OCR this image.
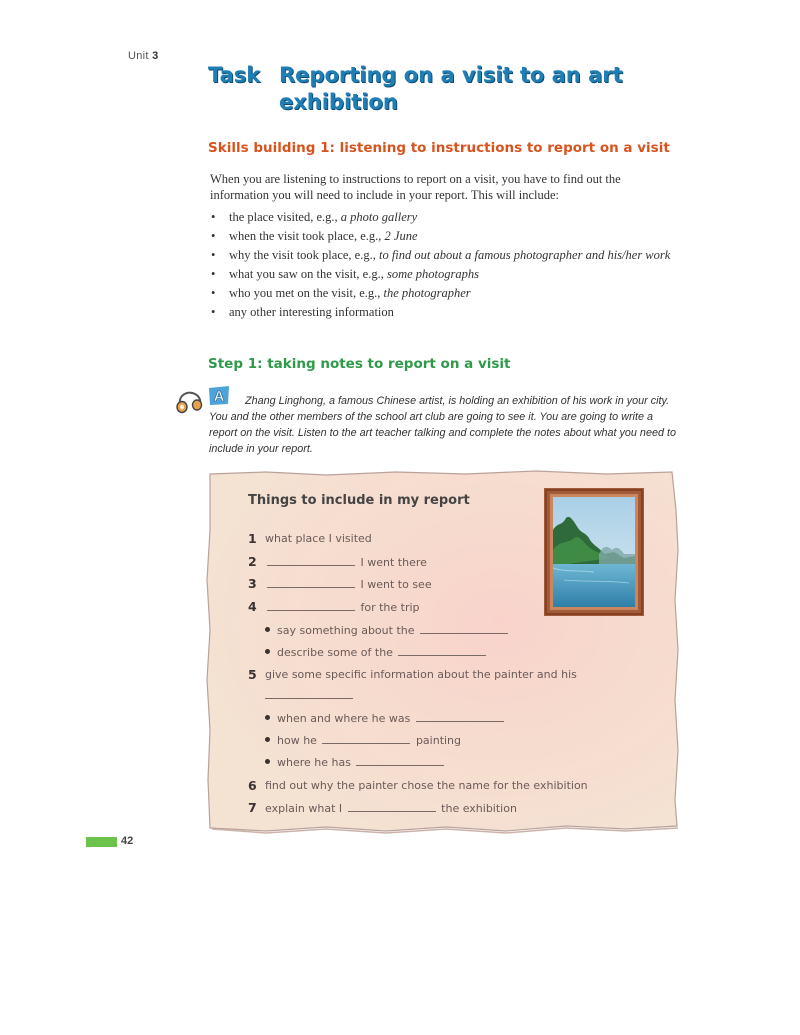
Unit 3
Task Reporting on a visit to an art exhibition
Skills building 1: listening to instructions to report on a visit
When you are listening to instructions to report on a visit, you have to find out the information you will need to include in your report. This will include:
• the place visited, e.g., a photo gallery
• when the visit took place, e.g., 2 June
• why the visit took place, e.g., to find out about a famous photographer and his/her work
• what you saw on the visit, e.g., some photographs
• who you met on the visit, e.g., the photographer
• any other interesting information
Step 1: taking notes to report on a visit
A	Zhang Linghong, a famous Chinese artist, is holding an exhibition of his work in your city. You and the other members of the school art club are going to see it. You are going to write a report on the visit. Listen to the art teacher talking and complete the notes about what you need to include in your report.
Things to include in my report
1 what place I visited
2	I went there
3	I went to see
4	for the trip
say something about the
describe some of the
5 give some specific information about the painter and his
when and where he was
how he	painting
where he has
6 find out why the painter chose the name for the exhibition
7 explain what I	the exhibition
42
